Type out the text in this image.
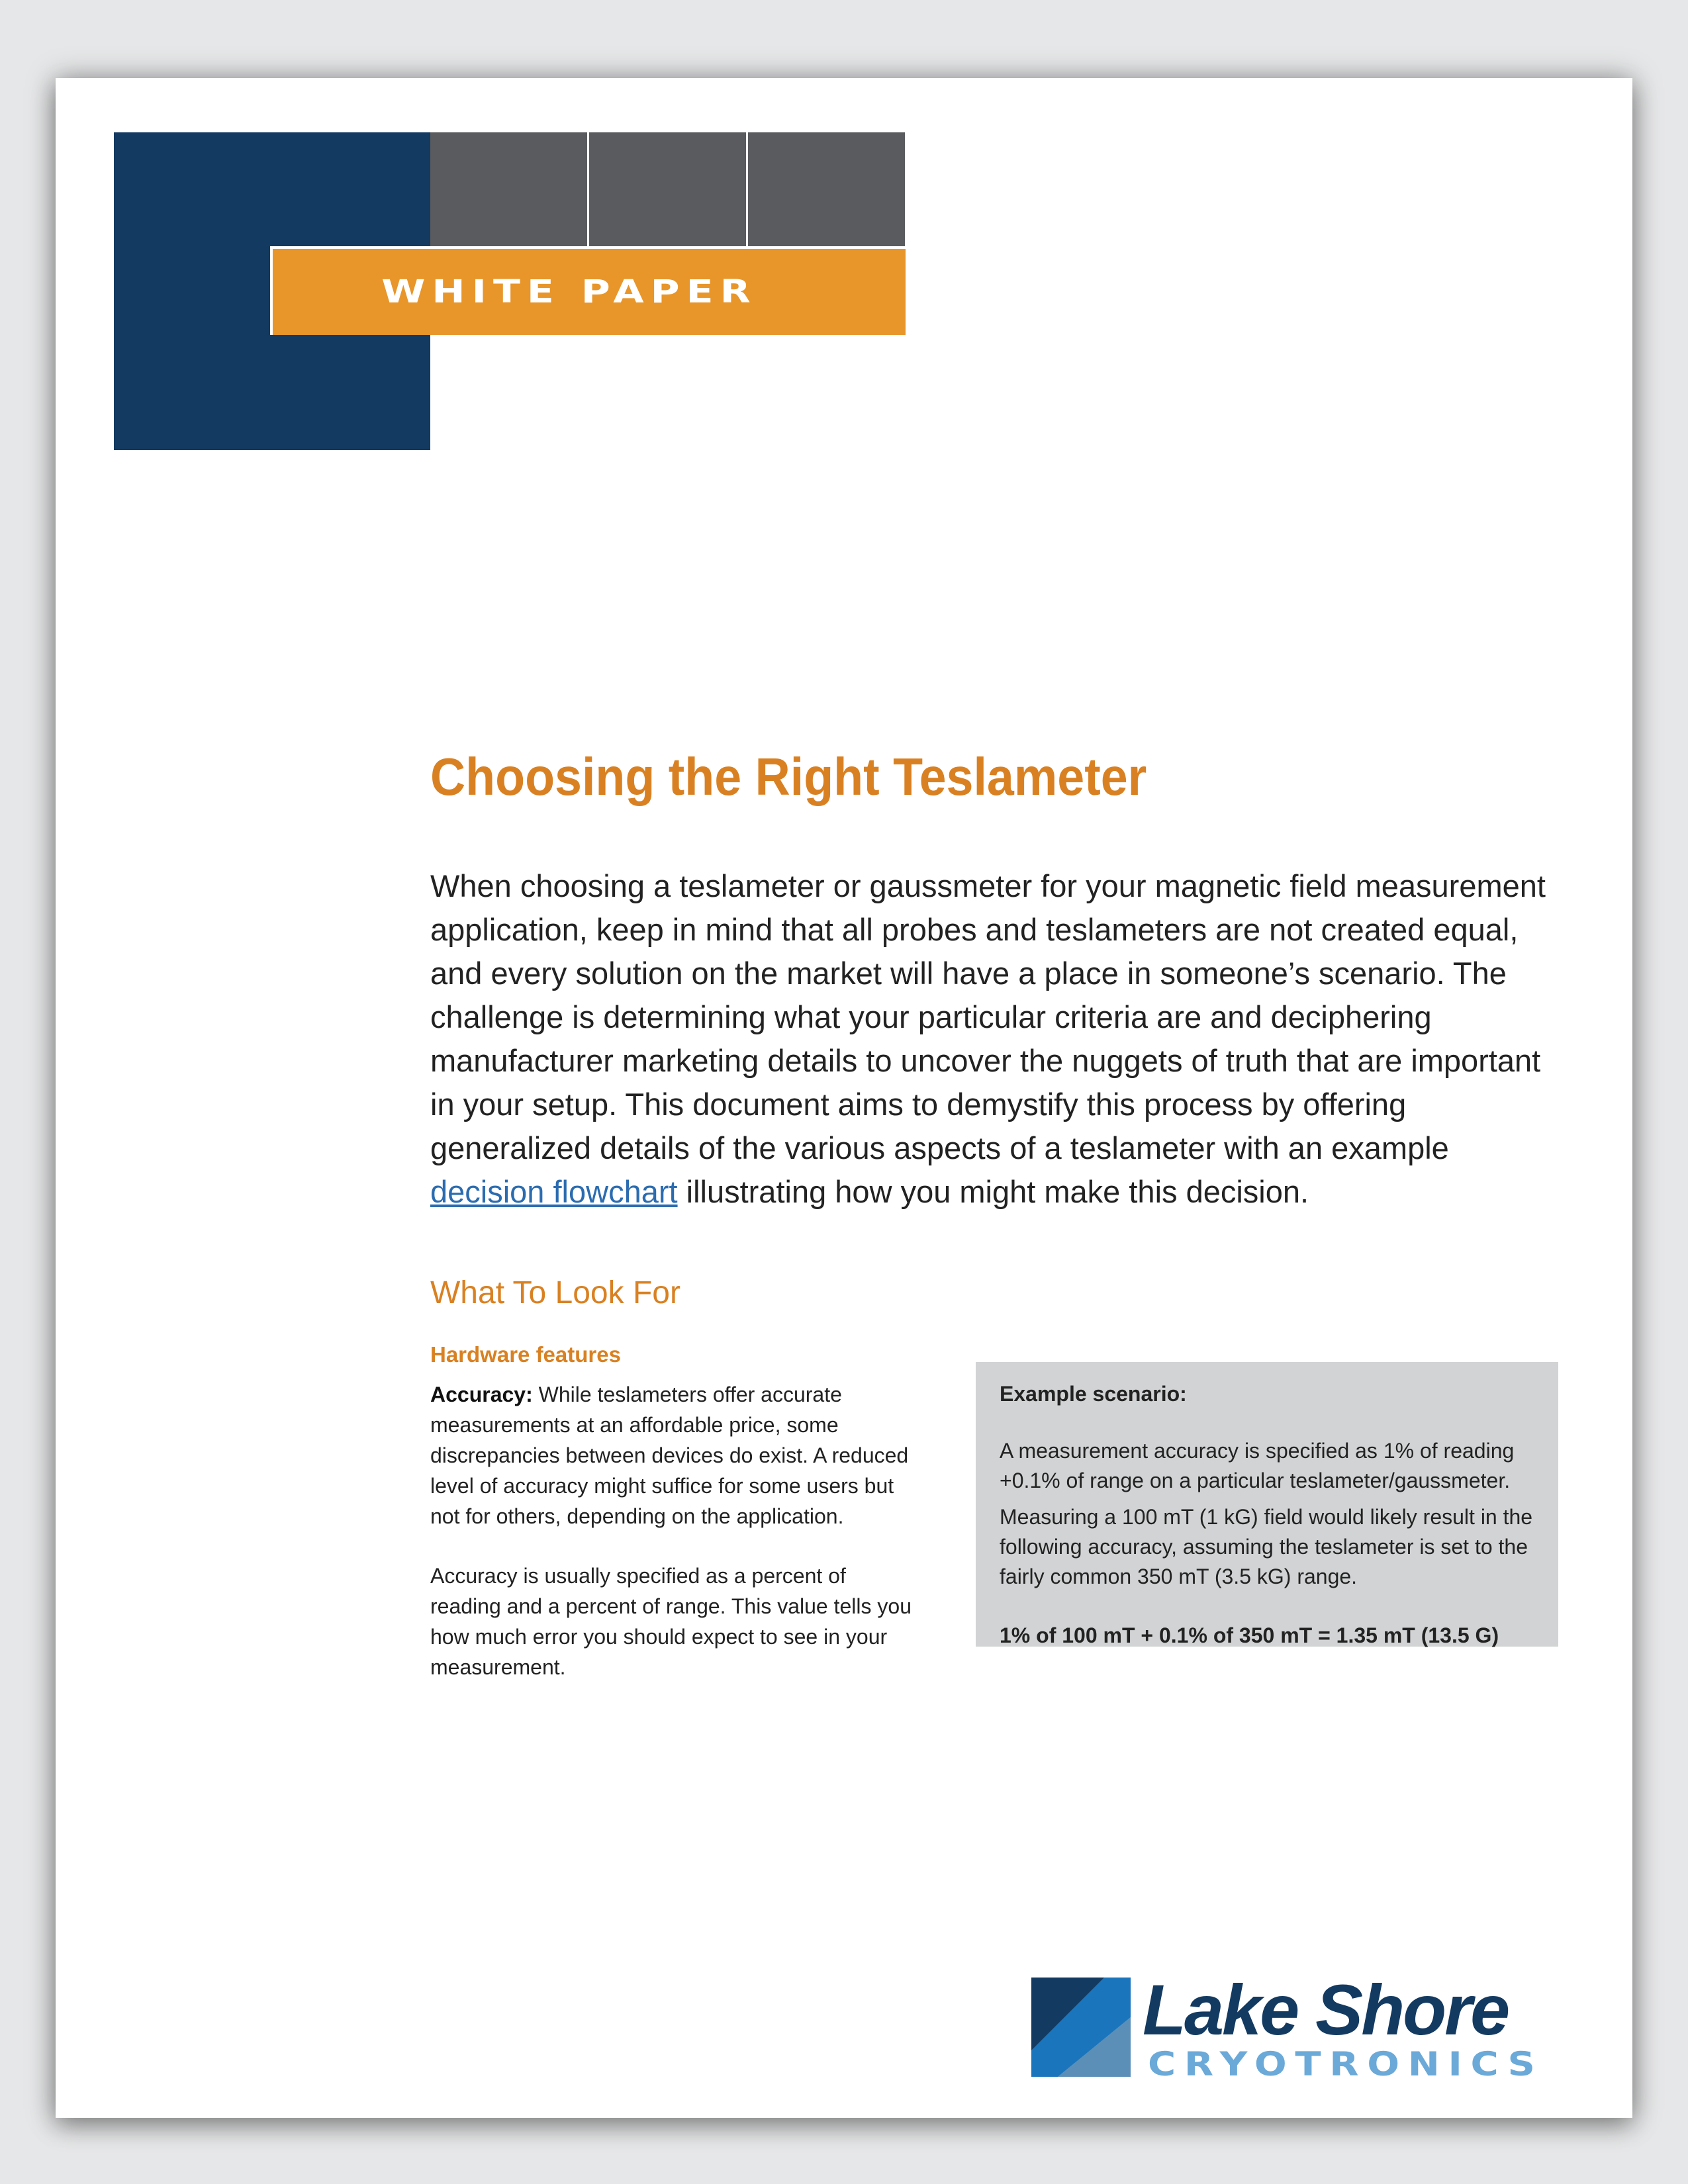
WHITE PAPER
Choosing the Right Teslameter

When choosing a teslameter or gaussmeter for your magnetic field measurement application, keep in mind that all probes and teslameters are not created equal, and every solution on the market will have a place in someone’s scenario. The challenge is determining what your particular criteria are and deciphering manufacturer marketing details to uncover the nuggets of truth that are important in your setup. This document aims to demystify this process by offering generalized details of the various aspects of a teslameter with an example decision flowchart illustrating how you might make this decision.

What To Look For
Hardware features

Accuracy: While teslameters offer accurate measurements at an affordable price, some discrepancies between devices do exist. A reduced level of accuracy might suffice for some users but not for others, depending on the application.

Accuracy is usually specified as a percent of reading and a percent of range. This value tells you how much error you should expect to see in your measurement.

Example scenario:

A measurement accuracy is specified as 1% of reading +0.1% of range on a particular teslameter/gaussmeter.

Measuring a 100 mT (1 kG) field would likely result in the following accuracy, assuming the teslameter is set to the fairly common 350 mT (3.5 kG) range.

1% of 100 mT + 0.1% of 350 mT = 1.35 mT (13.5 G)

Lake Shore
CRYOTRONICS
